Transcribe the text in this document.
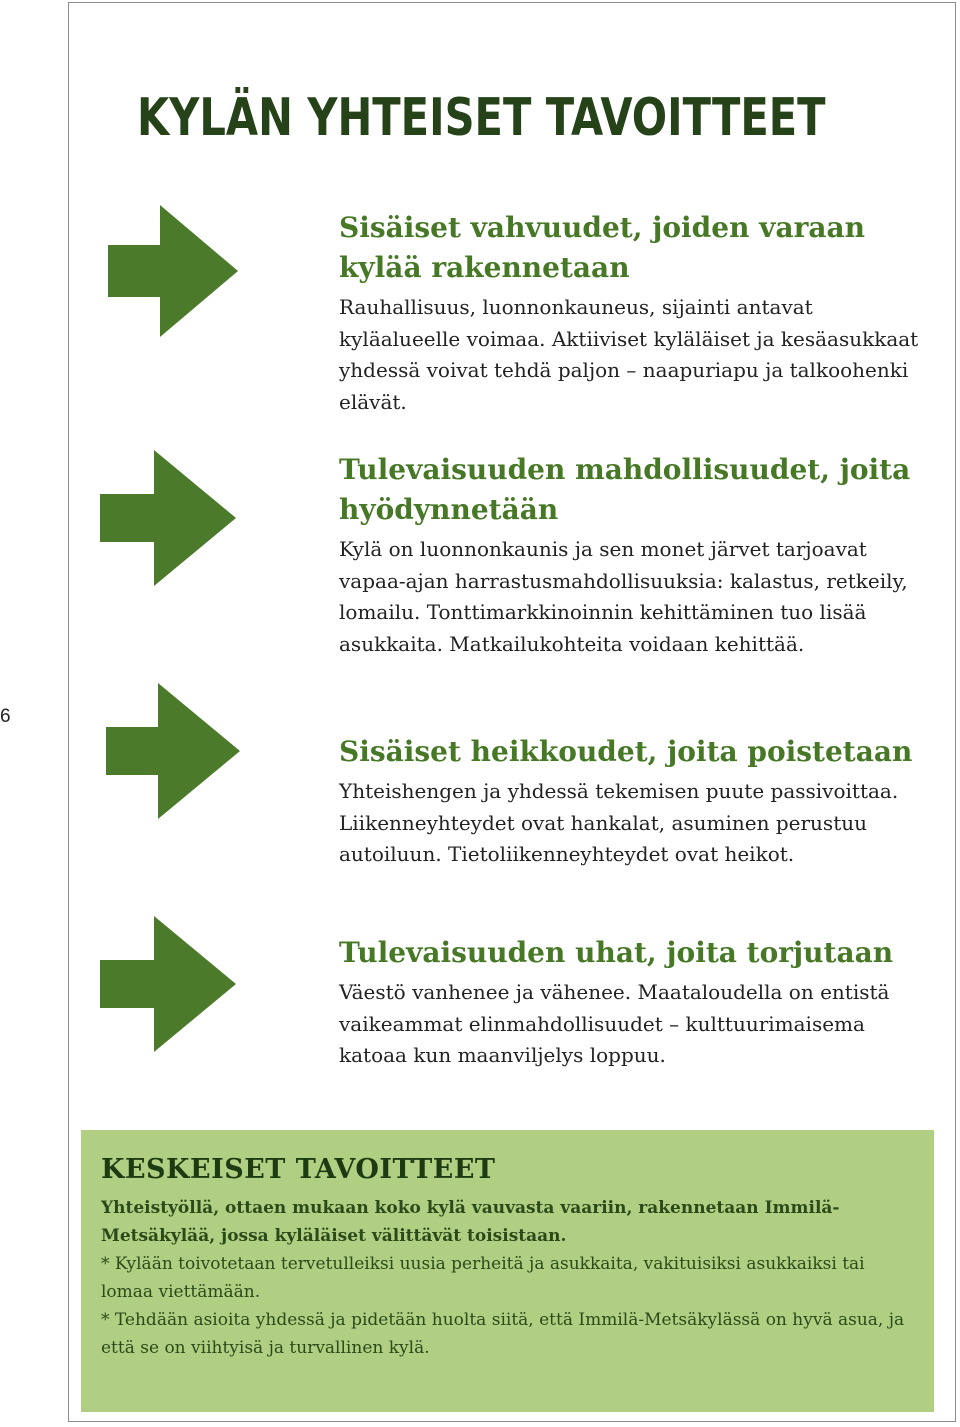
6
KYLÄN YHTEISET TAVOITTEET
Sisäiset vahvuudet, joiden varaan kylää rakennetaan

Rauhallisuus, luonnonkauneus, sijainti antavat kyläalueelle voimaa. Aktiiviset kyläläiset ja kesäasukkaat yhdessä voivat tehdä paljon – naapuriapu ja talkoohenki elävät.

Tulevaisuuden mahdollisuudet, joita hyödynnetään

Kylä on luonnonkaunis ja sen monet järvet tarjoavat vapaa-ajan harrastusmahdollisuuksia: kalastus, retkeily, lomailu. Tonttimarkkinoinnin kehittäminen tuo lisää asukkaita. Matkailukohteita voidaan kehittää.

Sisäiset heikkoudet, joita poistetaan

Yhteishengen ja yhdessä tekemisen puute passivoittaa. Liikenneyhteydet ovat hankalat, asuminen perustuu autoiluun. Tietoliikenneyhteydet ovat heikot.

Tulevaisuuden uhat, joita torjutaan

Väestö vanhenee ja vähenee. Maataloudella on entistä vaikeammat elinmahdollisuudet – kulttuurimaisema katoaa kun maanviljelys loppuu.

KESKEISET TAVOITTEET

Yhteistyöllä, ottaen mukaan koko kylä vauvasta vaariin, rakennetaan Immilä-Metsäkylää, jossa kyläläiset välittävät toisistaan.

* Kylään toivotetaan tervetulleiksi uusia perheitä ja asukkaita, vakituisiksi asukkaiksi tai lomaa viettämään.

* Tehdään asioita yhdessä ja pidetään huolta siitä, että Immilä-Metsäkylässä on hyvä asua, ja että se on viihtyisä ja turvallinen kylä.
